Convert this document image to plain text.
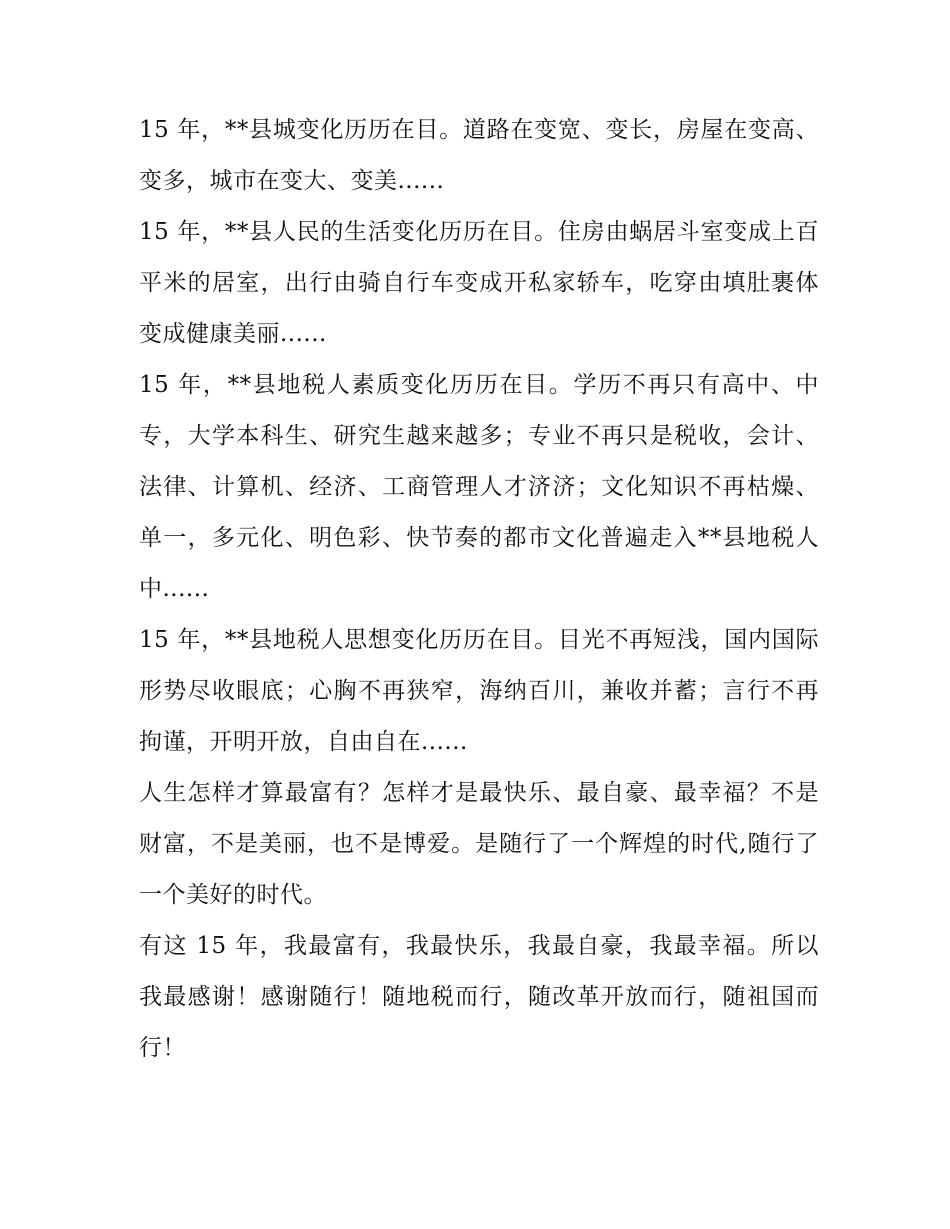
15 年，**县城变化历历在目。道路在变宽、变长，房屋在变高、变多，城市在变大、变美......

15 年，**县人民的生活变化历历在目。住房由蜗居斗室变成上百平米的居室，出行由骑自行车变成开私家轿车，吃穿由填肚裹体变成健康美丽......

15 年，**县地税人素质变化历历在目。学历不再只有高中、中专，大学本科生、研究生越来越多；专业不再只是税收，会计、法律、计算机、经济、工商管理人才济济；文化知识不再枯燥、单一，多元化、明色彩、快节奏的都市文化普遍走入**县地税人中......

15 年，**县地税人思想变化历历在目。目光不再短浅，国内国际形势尽收眼底；心胸不再狭窄，海纳百川，兼收并蓄；言行不再拘谨，开明开放，自由自在......

人生怎样才算最富有？怎样才是最快乐、最自豪、最幸福？不是财富，不是美丽，也不是博爱。是随行了一个辉煌的时代,随行了一个美好的时代。

有这 15 年，我最富有，我最快乐，我最自豪，我最幸福。所以我最感谢！感谢随行！随地税而行，随改革开放而行，随祖国而行！
